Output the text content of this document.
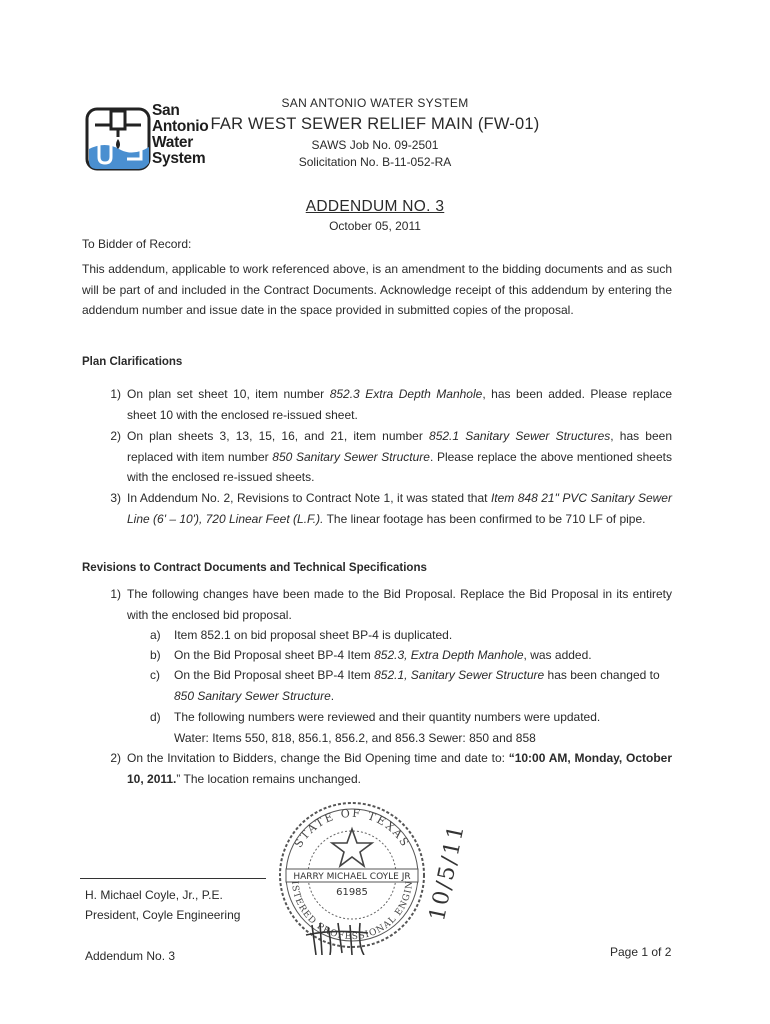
San
Antonio
Water
System
SAN ANTONIO WATER SYSTEM
FAR WEST SEWER RELIEF MAIN (FW-01)
SAWS Job No. 09-2501
Solicitation No. B-11-052-RA
ADDENDUM NO. 3
October 05, 2011
To Bidder of Record:
This addendum, applicable to work referenced above, is an amendment to the bidding documents and as such will be part of and included in the Contract Documents. Acknowledge receipt of this addendum by entering the addendum number and issue date in the space provided in submitted copies of the proposal.
Plan Clarifications
1) On plan set sheet 10, item number 852.3 Extra Depth Manhole, has been added. Please replace sheet 10 with the enclosed re-issued sheet.
2) On plan sheets 3, 13, 15, 16, and 21, item number 852.1 Sanitary Sewer Structures, has been replaced with item number 850 Sanitary Sewer Structure. Please replace the above mentioned sheets with the enclosed re-issued sheets.
3) In Addendum No. 2, Revisions to Contract Note 1, it was stated that Item 848 21" PVC Sanitary Sewer Line (6' – 10'), 720 Linear Feet (L.F.). The linear footage has been confirmed to be 710 LF of pipe.
Revisions to Contract Documents and Technical Specifications
1) The following changes have been made to the Bid Proposal. Replace the Bid Proposal in its entirety with the enclosed bid proposal.
a) Item 852.1 on bid proposal sheet BP-4 is duplicated.
b) On the Bid Proposal sheet BP-4 Item 852.3, Extra Depth Manhole, was added.
c) On the Bid Proposal sheet BP-4 Item 852.1, Sanitary Sewer Structure has been changed to 850 Sanitary Sewer Structure.
d) The following numbers were reviewed and their quantity numbers were updated.
Water: Items 550, 818, 856.1, 856.2, and 856.3 Sewer: 850 and 858
2) On the Invitation to Bidders, change the Bid Opening time and date to: “10:00 AM, Monday, October 10, 2011.” The location remains unchanged.
H. Michael Coyle, Jr., P.E.
President, Coyle Engineering
STATE OF TEXAS
HARRY MICHAEL COYLE JR
61985
ISTERED PROFESSIONAL ENGIN 10/5/11
Addendum No. 3	Page 1 of 2
